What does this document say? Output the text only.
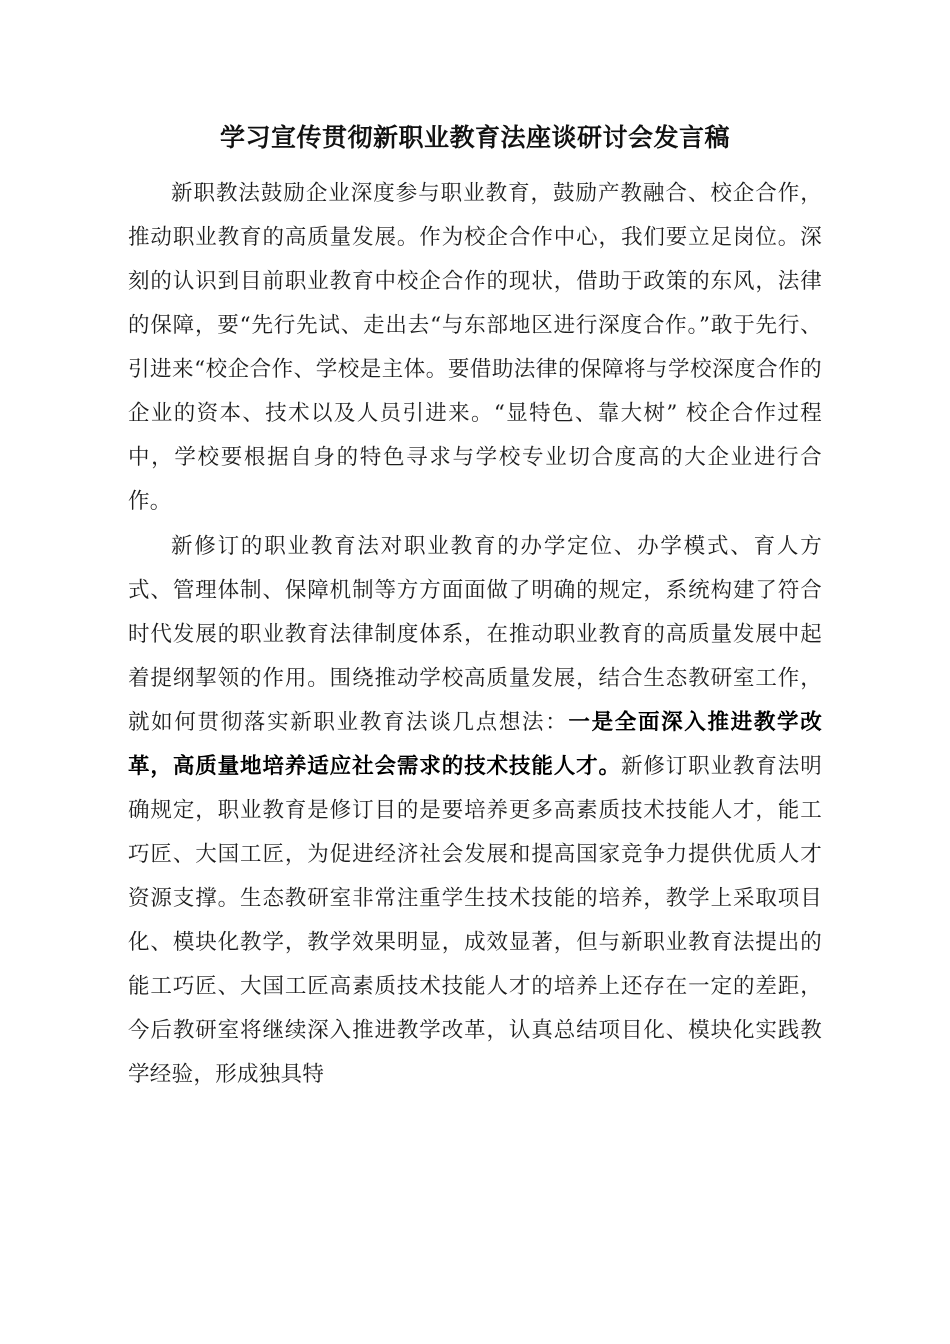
学习宣传贯彻新职业教育法座谈研讨会发言稿

新职教法鼓励企业深度参与职业教育，鼓励产教融合、校企合作，推动职业教育的高质量发展。作为校企合作中心，我们要立足岗位。深刻的认识到目前职业教育中校企合作的现状，借助于政策的东风，法律的保障，要“先行先试、走出去“与东部地区进行深度合作。”敢于先行、引进来“校企合作、学校是主体。要借助法律的保障将与学校深度合作的企业的资本、技术以及人员引进来。“显特色、靠大树” 校企合作过程中，学校要根据自身的特色寻求与学校专业切合度高的大企业进行合作。

新修订的职业教育法对职业教育的办学定位、办学模式、育人方式、管理体制、保障机制等方方面面做了明确的规定，系统构建了符合时代发展的职业教育法律制度体系，在推动职业教育的高质量发展中起着提纲挈领的作用。围绕推动学校高质量发展，结合生态教研室工作，就如何贯彻落实新职业教育法谈几点想法：一是全面深入推进教学改革，高质量地培养适应社会需求的技术技能人才。新修订职业教育法明确规定，职业教育是修订目的是要培养更多高素质技术技能人才，能工巧匠、大国工匠，为促进经济社会发展和提高国家竞争力提供优质人才资源支撑。生态教研室非常注重学生技术技能的培养，教学上采取项目化、模块化教学，教学效果明显，成效显著，但与新职业教育法提出的能工巧匠、大国工匠高素质技术技能人才的培养上还存在一定的差距，今后教研室将继续深入推进教学改革，认真总结项目化、模块化实践教学经验，形成独具特
